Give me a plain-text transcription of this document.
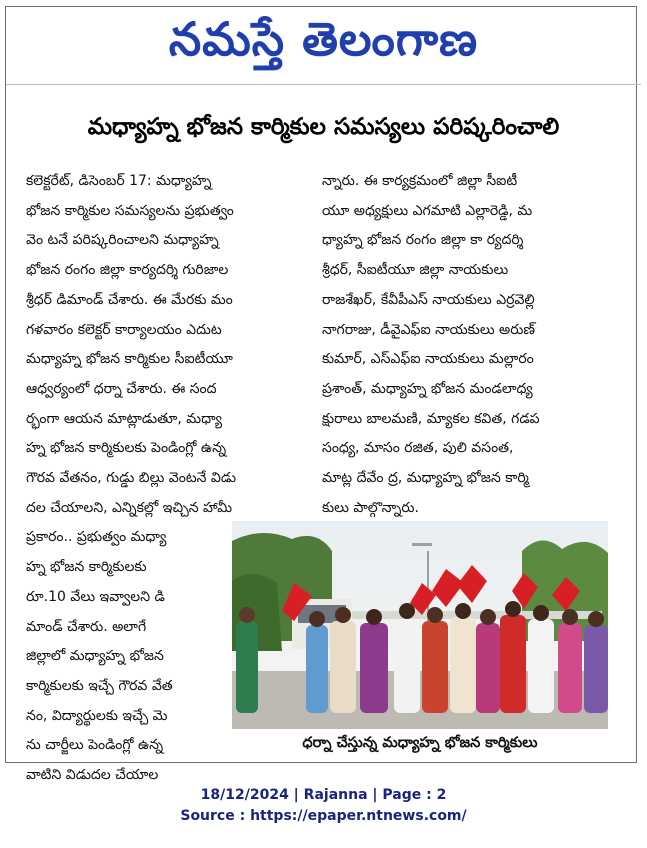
నమస్తే తెలంగాణ
మధ్యాహ్న భోజన కార్మికుల సమస్యలు పరిష్కరించాలి

కలెక్టరేట్, డిసెంబర్ 17: మధ్యాహ్న

భోజన కార్మికుల సమస్యలను ప్రభుత్వం

వెం టనే పరిష్కరించాలని మధ్యాహ్న

భోజన రంగం జిల్లా కార్యదర్శి గురిజాల

శ్రీధర్ డిమాండ్ చేశారు. ఈ మేరకు మం

గళవారం కలెక్టర్ కార్యాలయం ఎదుట

మధ్యాహ్న భోజన కార్మికుల సీఐటీయూ

ఆధ్వర్యంలో ధర్నా చేశారు. ఈ సంద

ర్భంగా ఆయన మాట్లాడుతూ, మధ్యా

హ్న భోజన కార్మికులకు పెండింగ్లో ఉన్న

గౌరవ వేతనం, గుడ్డు బిల్లు వెంటనే విడు

దల చేయాలని, ఎన్నికల్లో ఇచ్చిన హామీ

ప్రకారం.. ప్రభుత్వం మధ్యా

హ్న భోజన కార్మికులకు

రూ.10 వేలు ఇవ్వాలని డి

మాండ్ చేశారు. అలాగే

జిల్లాలో మధ్యాహ్న భోజన

కార్మికులకు ఇచ్చే గౌరవ వేత

నం, విద్యార్థులకు ఇచ్చే మె

ను చార్జీలు పెండింగ్లో ఉన్న

వాటిని విడుదల చేయాల

న్నారు. ఈ కార్యక్రమంలో జిల్లా సీఐటీ

యూ అధ్యక్షులు ఎగమాటి ఎల్లారెడ్డి, మ

ధ్యాహ్న భోజన రంగం జిల్లా కా ర్యదర్శి

శ్రీధర్, సీఐటీయూ జిల్లా నాయకులు

రాజశేఖర్, కేవీపీఎస్ నాయకులు ఎర్రవెల్లి

నాగరాజు, డీవైఎఫ్ఐ నాయకులు అరుణ్

కుమార్, ఎస్ఎఫ్ఐ నాయకులు మల్లారం

ప్రశాంత్, మధ్యాహ్న భోజన మండలాధ్య

క్షురాలు బాలమణి, మ్యాకల కవిత, గడప

సంధ్య, మాసం రజిత, పులి వసంత,

మాట్ల దేవేం ద్ర, మధ్యాహ్న భోజన కార్మి

కులు పాల్గొన్నారు.

ధర్నా చేస్తున్న మధ్యాహ్న భోజన కార్మికులు
18/12/2024 | Rajanna | Page : 2
Source : https://epaper.ntnews.com/
